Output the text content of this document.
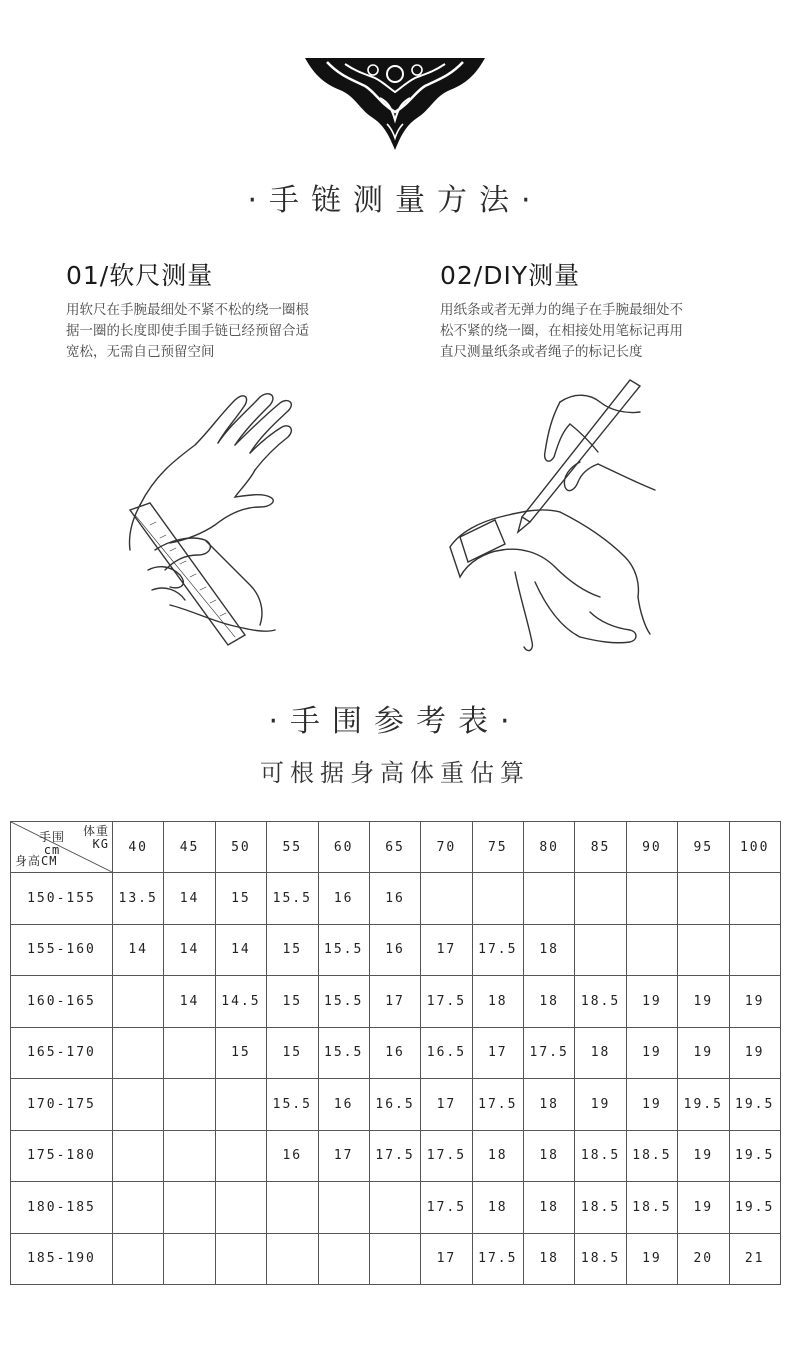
·手链测量方法·
01/软尺测量

用软尺在手腕最细处不紧不松的绕一圈根
据一圈的长度即使手围手链已经预留合适
宽松，无需自己预留空间

02/DIY测量

用纸条或者无弹力的绳子在手腕最细处不
松不紧的绕一圈，在相接处用笔标记再用
直尺测量纸条或者绳子的标记长度

·手围参考表·
可根据身高体重估算
体重
KG
手围
cm
身高CM	40	45	50	55	60	65	70	75	80	85	90	95	100
150-155	13.5	14	15	15.5	16	16							
155-160	14	14	14	15	15.5	16	17	17.5	18				
160-165		14	14.5	15	15.5	17	17.5	18	18	18.5	19	19	19
165-170			15	15	15.5	16	16.5	17	17.5	18	19	19	19
170-175				15.5	16	16.5	17	17.5	18	19	19	19.5	19.5
175-180				16	17	17.5	17.5	18	18	18.5	18.5	19	19.5
180-185							17.5	18	18	18.5	18.5	19	19.5
185-190							17	17.5	18	18.5	19	20	21
